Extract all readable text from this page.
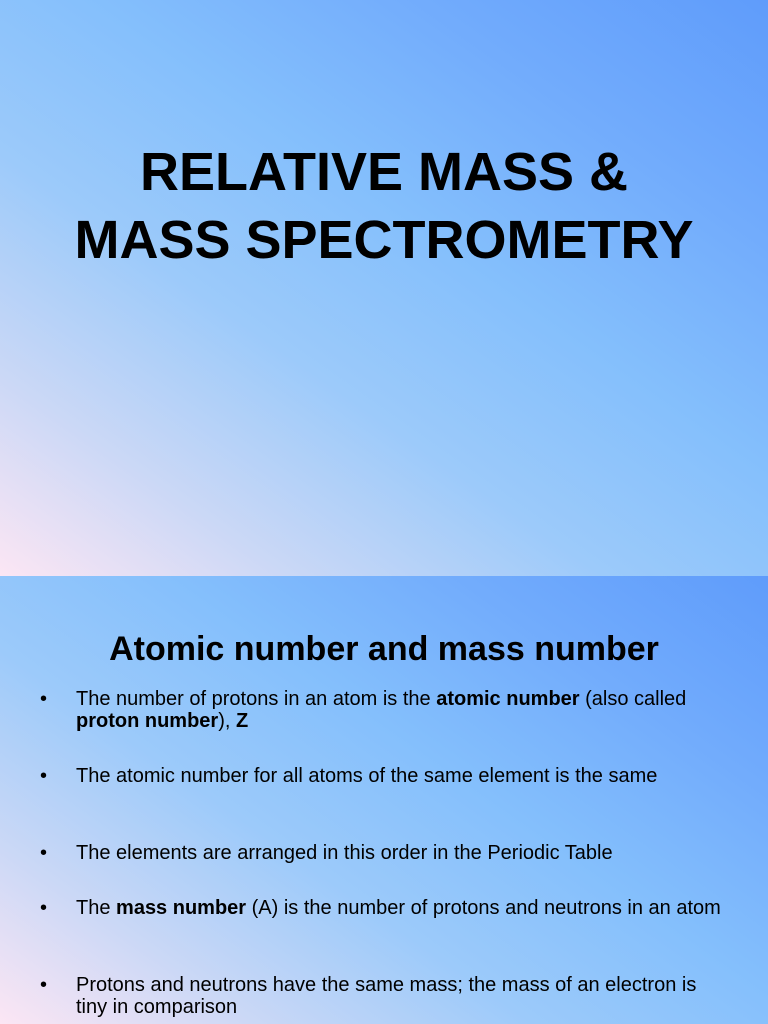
RELATIVE MASS &
MASS SPECTROMETRY
Atomic number and mass number
•	The number of protons in an atom is the atomic number (also called proton number), Z
•	The atomic number for all atoms of the same element is the same
•	The elements are arranged in this order in the Periodic Table
•	The mass number (A) is the number of protons and neutrons in an atom
•	Protons and neutrons have the same mass; the mass of an electron is tiny in comparison
